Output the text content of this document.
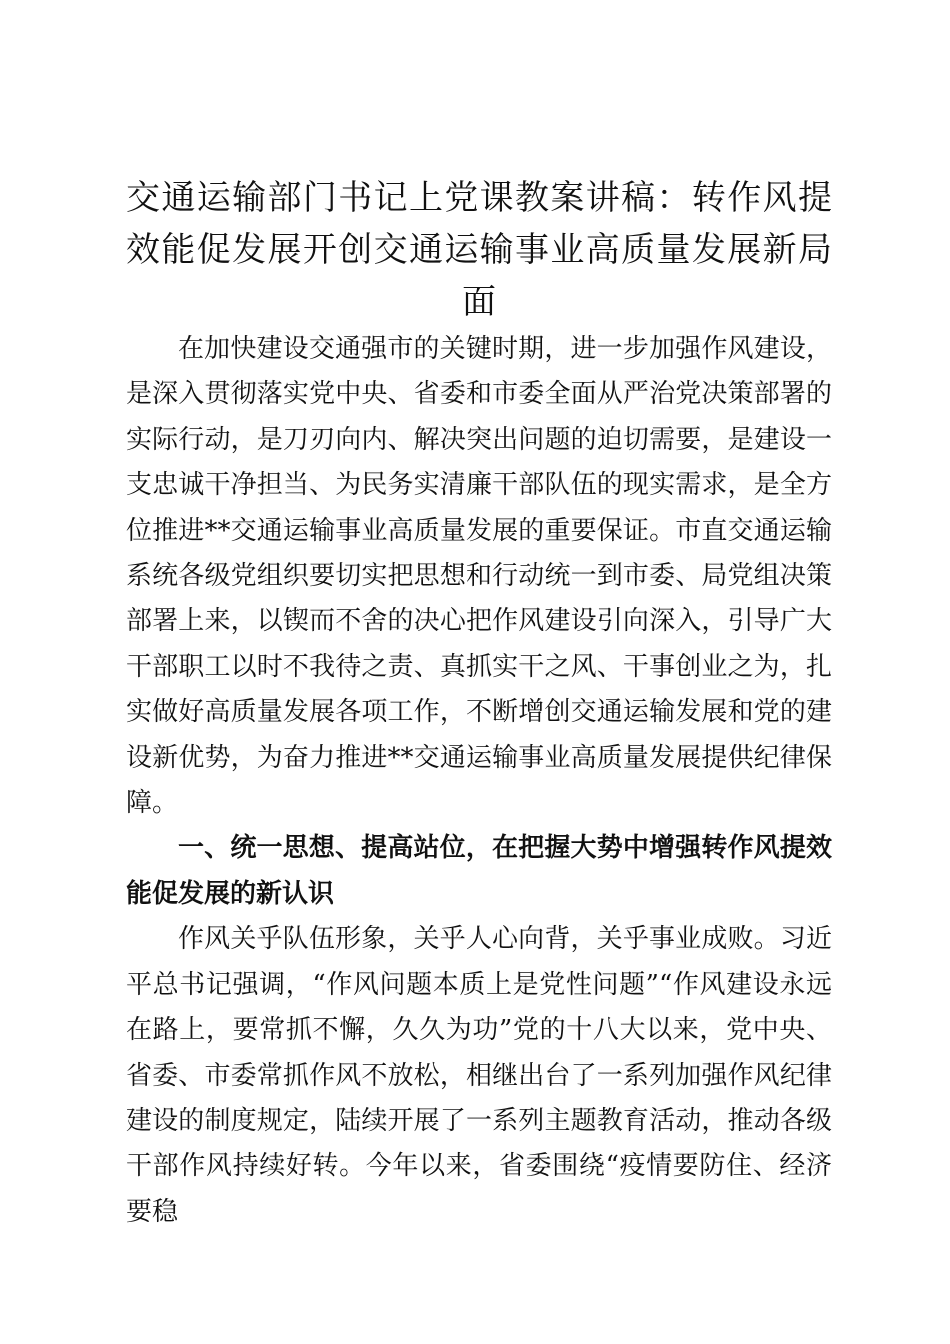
交通运输部门书记上党课教案讲稿：转作风提效能促发展开创交通运输事业高质量发展新局面

在加快建设交通强市的关键时期，进一步加强作风建设，是深入贯彻落实党中央、省委和市委全面从严治党决策部署的实际行动，是刀刃向内、解决突出问题的迫切需要，是建设一支忠诚干净担当、为民务实清廉干部队伍的现实需求，是全方位推进**交通运输事业高质量发展的重要保证。市直交通运输系统各级党组织要切实把思想和行动统一到市委、局党组决策部署上来，以锲而不舍的决心把作风建设引向深入，引导广大干部职工以时不我待之责、真抓实干之风、干事创业之为，扎实做好高质量发展各项工作，不断增创交通运输发展和党的建设新优势，为奋力推进**交通运输事业高质量发展提供纪律保障。

一、统一思想、提高站位，在把握大势中增强转作风提效能促发展的新认识

作风关乎队伍形象，关乎人心向背，关乎事业成败。习近平总书记强调，“作风问题本质上是党性问题”“作风建设永远在路上，要常抓不懈，久久为功”党的十八大以来，党中央、省委、市委常抓作风不放松，相继出台了一系列加强作风纪律建设的制度规定，陆续开展了一系列主题教育活动，推动各级干部作风持续好转。今年以来，省委围绕“疫情要防住、经济要稳
